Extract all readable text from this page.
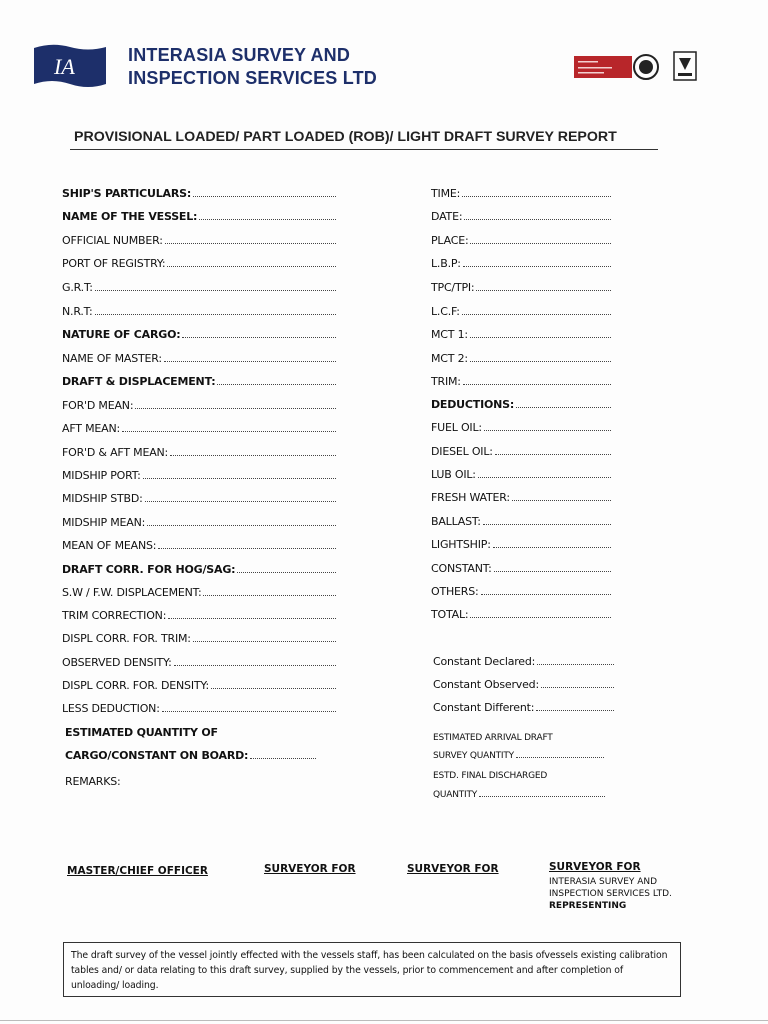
IA	INTERASIA SURVEY AND
INSPECTION SERVICES LTD
PROVISIONAL LOADED/ PART LOADED (ROB)/ LIGHT DRAFT SURVEY REPORT
SHIP'S PARTICULARS:
NAME OF THE VESSEL:
OFFICIAL NUMBER:
PORT OF REGISTRY:
G.R.T:
N.R.T:
NATURE OF CARGO:
NAME OF MASTER:
DRAFT & DISPLACEMENT:
FOR'D MEAN:
AFT MEAN:
FOR'D & AFT MEAN:
MIDSHIP PORT:
MIDSHIP STBD:
MIDSHIP MEAN:
MEAN OF MEANS:
DRAFT CORR. FOR HOG/SAG:
S.W / F.W. DISPLACEMENT:
TRIM CORRECTION:
DISPL CORR. FOR. TRIM:
OBSERVED DENSITY:
DISPL CORR. FOR. DENSITY:
LESS DEDUCTION:
ESTIMATED QUANTITY OF
CARGO/CONSTANT ON BOARD:
REMARKS:
TIME:
DATE:
PLACE:
L.B.P:
TPC/TPI:
L.C.F:
MCT 1:
MCT 2:
TRIM:
DEDUCTIONS:
FUEL OIL:
DIESEL OIL:
LUB OIL:
FRESH WATER:
BALLAST:
LIGHTSHIP:
CONSTANT:
OTHERS:
TOTAL:
Constant Declared:
Constant Observed:
Constant Different:
ESTIMATED ARRIVAL DRAFT
SURVEY QUANTITY
ESTD. FINAL DISCHARGED
QUANTITY
MASTER/CHIEF OFFICER	SURVEYOR FOR	SURVEYOR FOR	SURVEYOR FOR
INTERASIA SURVEY AND
INSPECTION SERVICES LTD.
REPRESENTING
The draft survey of the vessel jointly effected with the vessels staff, has been calculated on the basis ofvessels existing calibration tables and/ or data relating to this draft survey, supplied by the vessels, prior to commencement and after completion of unloading/ loading.
